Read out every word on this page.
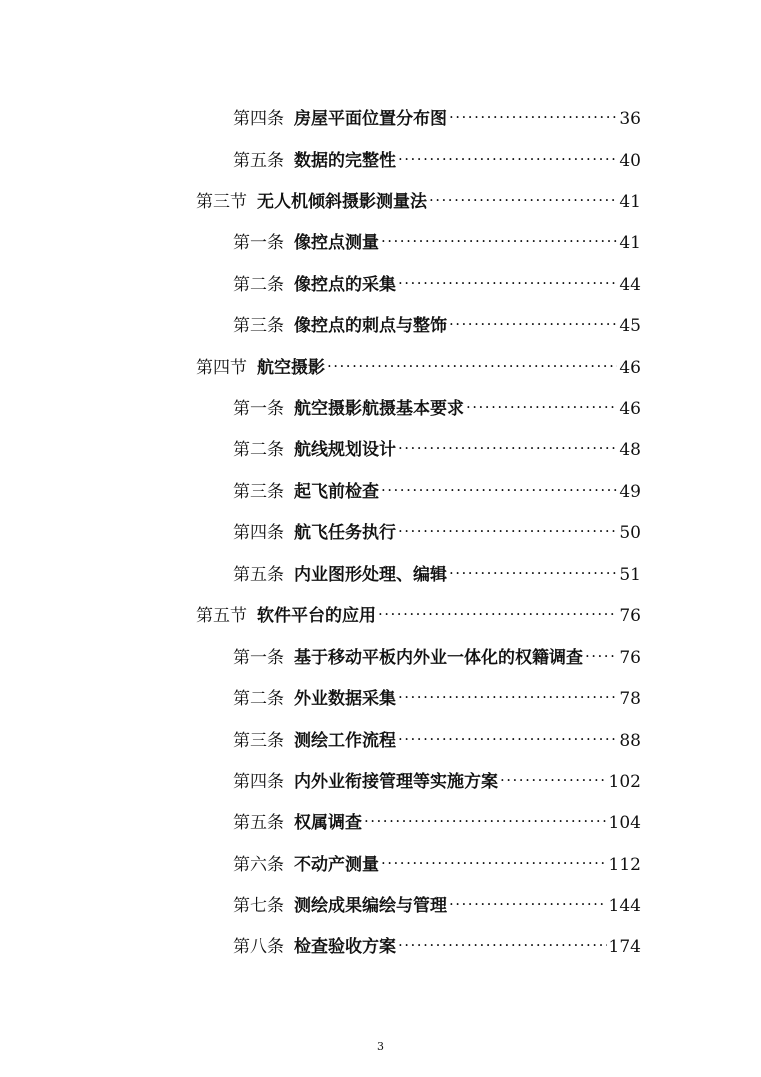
第四条 房屋平面位置分布图 .....	36
第五条 数据的完整性 .....	40
第三节 无人机倾斜摄影测量法 .....	41
第一条 像控点测量 .....	41
第二条 像控点的采集 .....	44
第三条 像控点的刺点与整饰 .....	45
第四节 航空摄影 .....	46
第一条 航空摄影航摄基本要求 .....	46
第二条 航线规划设计 .....	48
第三条 起飞前检查 .....	49
第四条 航飞任务执行 .....	50
第五条 内业图形处理、编辑 .....	51
第五节 软件平台的应用 .....	76
第一条 基于移动平板内外业一体化的权籍调查 ..... 76
第二条 外业数据采集 .....	78
第三条 测绘工作流程 .....	88
第四条 内外业衔接管理等实施方案 .....	102
第五条 权属调查 .....	104
第六条 不动产测量 .....	112
第七条 测绘成果编绘与管理 .....	144
第八条 检查验收方案 .....	174
3
